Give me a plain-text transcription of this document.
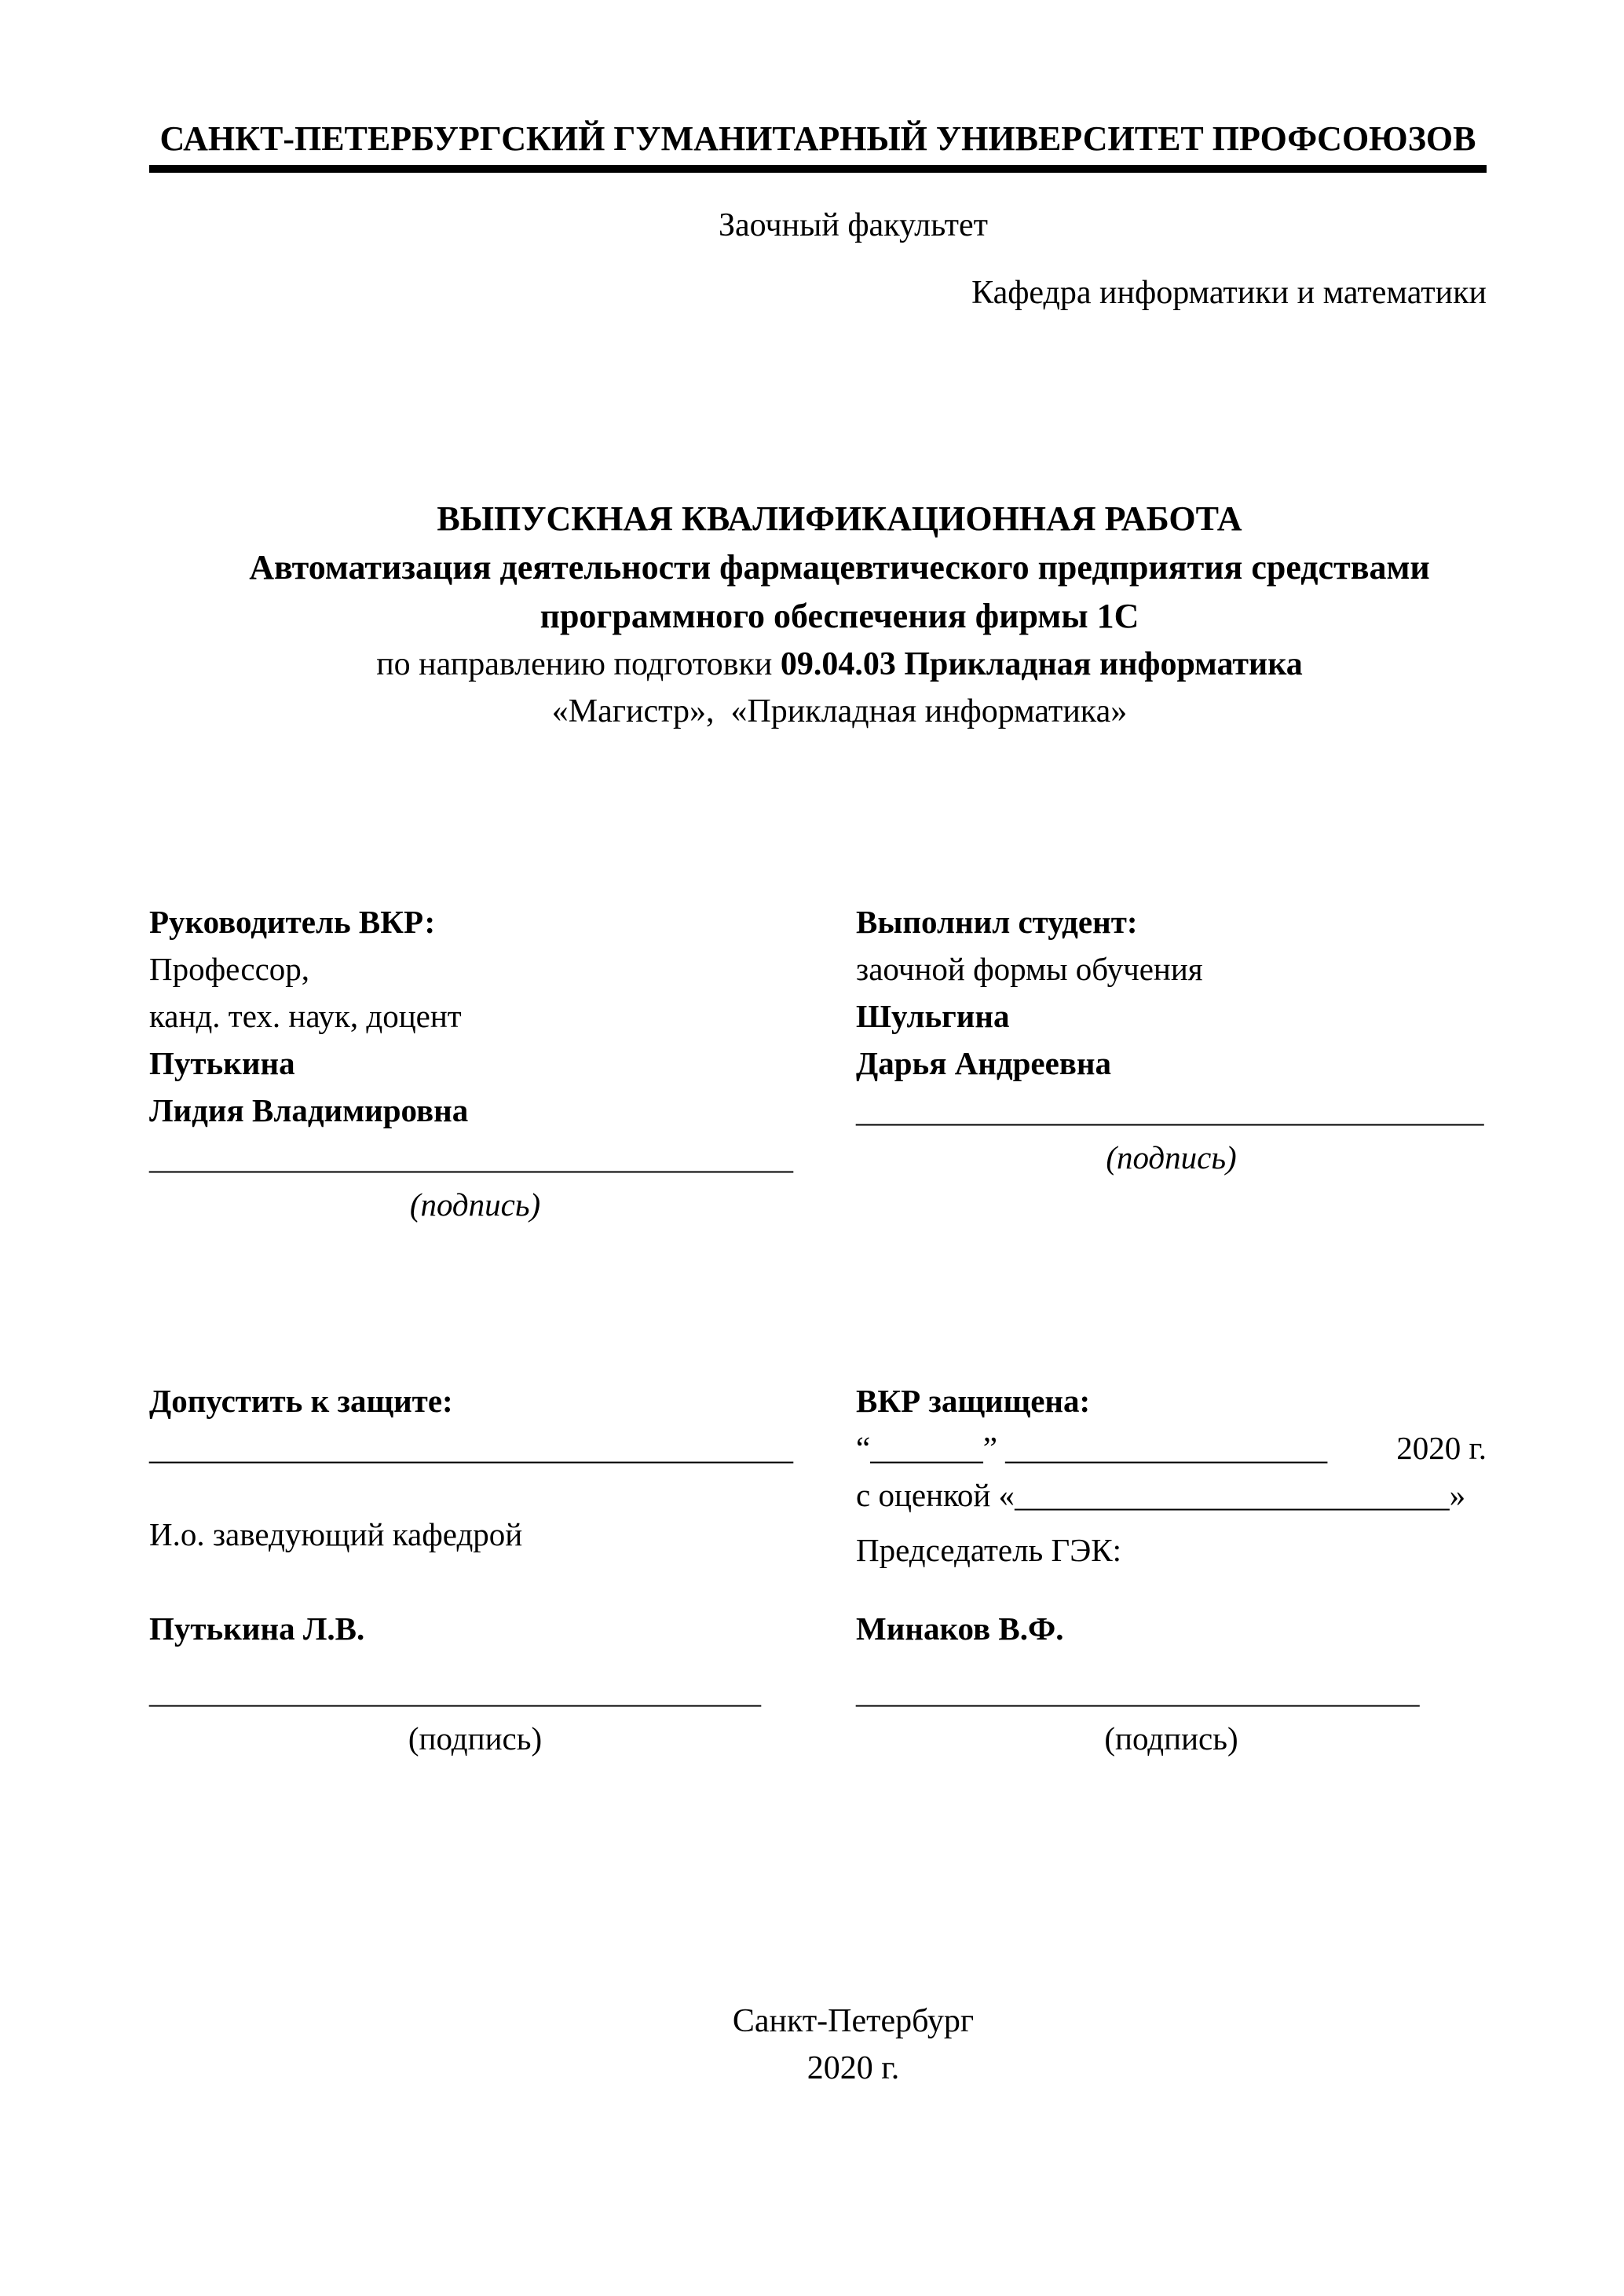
САНКТ-ПЕТЕРБУРГСКИЙ ГУМАНИТАРНЫЙ УНИВЕРСИТЕТ ПРОФСОЮЗОВ
Заочный факультет
Кафедра информатики и математики
ВЫПУСКНАЯ КВАЛИФИКАЦИОННАЯ РАБОТА
Автоматизация деятельности фармацевтического предприятия средствами
программного обеспечения фирмы 1С
по направлению подготовки 09.04.03 Прикладная информатика
«Магистр»,  «Прикладная информатика»
Руководитель ВКР:
Профессор,
канд. тех. наук, доцент
Путькина
Лидия Владимировна
________________________________________
(подпись)
Выполнил студент:
заочной формы обучения
Шульгина
Дарья Андреевна
_______________________________________
(подпись)
Допустить к защите:
________________________________________
И.о. заведующий кафедрой
Путькина Л.В.
______________________________________
(подпись)
ВКР защищена:
“_______” ____________________ 2020 г.
с оценкой «___________________________»
Председатель ГЭК:
Минаков В.Ф.
___________________________________
(подпись)
Санкт-Петербург
2020 г.
